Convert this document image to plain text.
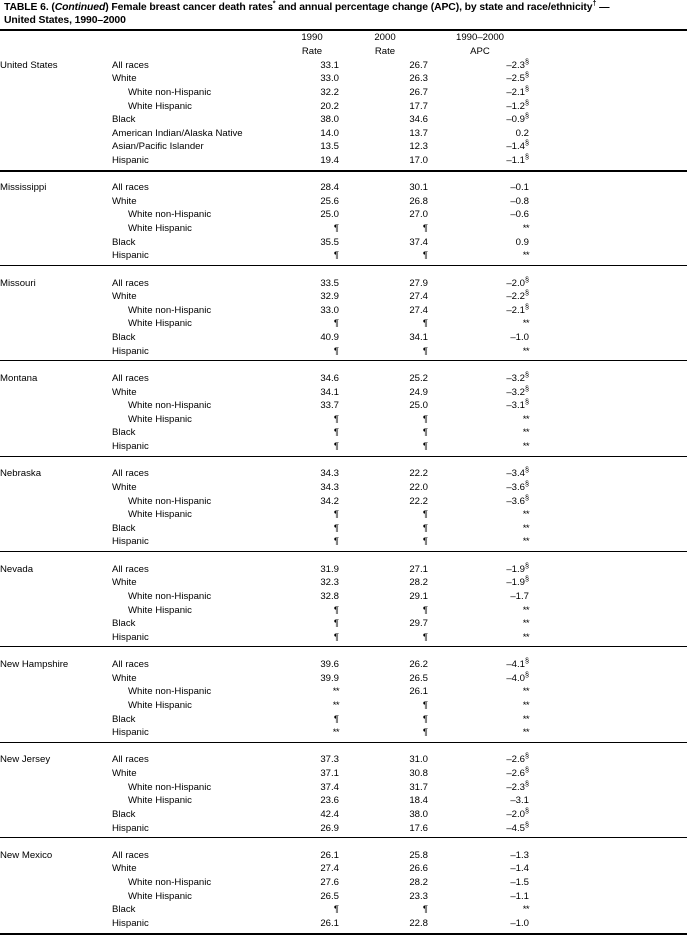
TABLE 6. (Continued) Female breast cancer death rates* and annual percentage change (APC), by state and race/ethnicity† —
United States, 1990–2000
		1990	2000	1990–2000	
		Rate	Rate	APC	
United States	All races	33.1	26.7	–2.3§	
	White	33.0	26.3	–2.5§	
	White non-Hispanic	32.2	26.7	–2.1§	
	White Hispanic	20.2	17.7	–1.2§	
	Black	38.0	34.6	–0.9§	
	American Indian/Alaska Native	14.0	13.7	0.2	
	Asian/Pacific Islander	13.5	12.3	–1.4§	
	Hispanic	19.4	17.0	–1.1§	

Mississippi	All races	28.4	30.1	–0.1	
	White	25.6	26.8	–0.8	
	White non-Hispanic	25.0	27.0	–0.6	
	White Hispanic	¶	¶	**	
	Black	35.5	37.4	0.9	
	Hispanic	¶	¶	**	

Missouri	All races	33.5	27.9	–2.0§	
	White	32.9	27.4	–2.2§	
	White non-Hispanic	33.0	27.4	–2.1§	
	White Hispanic	¶	¶	**	
	Black	40.9	34.1	–1.0	
	Hispanic	¶	¶	**	

Montana	All races	34.6	25.2	–3.2§	
	White	34.1	24.9	–3.2§	
	White non-Hispanic	33.7	25.0	–3.1§	
	White Hispanic	¶	¶	**	
	Black	¶	¶	**	
	Hispanic	¶	¶	**	

Nebraska	All races	34.3	22.2	–3.4§	
	White	34.3	22.0	–3.6§	
	White non-Hispanic	34.2	22.2	–3.6§	
	White Hispanic	¶	¶	**	
	Black	¶	¶	**	
	Hispanic	¶	¶	**	

Nevada	All races	31.9	27.1	–1.9§	
	White	32.3	28.2	–1.9§	
	White non-Hispanic	32.8	29.1	–1.7	
	White Hispanic	¶	¶	**	
	Black	¶	29.7	**	
	Hispanic	¶	¶	**	

New Hampshire	All races	39.6	26.2	–4.1§	
	White	39.9	26.5	–4.0§	
	White non-Hispanic	**	26.1	**	
	White Hispanic	**	¶	**	
	Black	¶	¶	**	
	Hispanic	**	¶	**	

New Jersey	All races	37.3	31.0	–2.6§	
	White	37.1	30.8	–2.6§	
	White non-Hispanic	37.4	31.7	–2.3§	
	White Hispanic	23.6	18.4	–3.1	
	Black	42.4	38.0	–2.0§	
	Hispanic	26.9	17.6	–4.5§	

New Mexico	All races	26.1	25.8	–1.3	
	White	27.4	26.6	–1.4	
	White non-Hispanic	27.6	28.2	–1.5	
	White Hispanic	26.5	23.3	–1.1	
	Black	¶	¶	**	
	Hispanic	26.1	22.8	–1.0	
